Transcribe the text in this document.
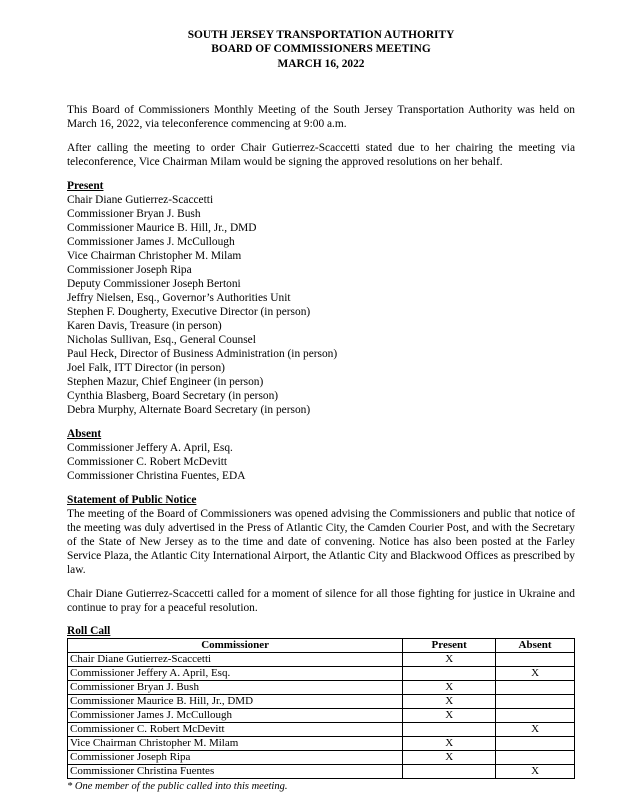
SOUTH JERSEY TRANSPORTATION AUTHORITY
BOARD OF COMMISSIONERS MEETING
MARCH 16, 2022

This Board of Commissioners Monthly Meeting of the South Jersey Transportation Authority was held on March 16, 2022, via teleconference commencing at 9:00 a.m.

After calling the meeting to order Chair Gutierrez-Scaccetti stated due to her chairing the meeting via teleconference, Vice Chairman Milam would be signing the approved resolutions on her behalf.

Present
Chair Diane Gutierrez-Scaccetti
Commissioner Bryan J. Bush
Commissioner Maurice B. Hill, Jr., DMD
Commissioner James J. McCullough
Vice Chairman Christopher M. Milam
Commissioner Joseph Ripa
Deputy Commissioner Joseph Bertoni
Jeffry Nielsen, Esq., Governor’s Authorities Unit
Stephen F. Dougherty, Executive Director (in person)
Karen Davis, Treasure (in person)
Nicholas Sullivan, Esq., General Counsel
Paul Heck, Director of Business Administration (in person)
Joel Falk, ITT Director (in person)
Stephen Mazur, Chief Engineer (in person)
Cynthia Blasberg, Board Secretary (in person)
Debra Murphy, Alternate Board Secretary (in person)
Absent
Commissioner Jeffery A. April, Esq.
Commissioner C. Robert McDevitt
Commissioner Christina Fuentes, EDA
Statement of Public Notice

The meeting of the Board of Commissioners was opened advising the Commissioners and public that notice of the meeting was duly advertised in the Press of Atlantic City, the Camden Courier Post, and with the Secretary of the State of New Jersey as to the time and date of convening. Notice has also been posted at the Farley Service Plaza, the Atlantic City International Airport, the Atlantic City and Blackwood Offices as prescribed by law.

Chair Diane Gutierrez-Scaccetti called for a moment of silence for all those fighting for justice in Ukraine and continue to pray for a peaceful resolution.

Roll Call
Commissioner	Present	Absent
Chair Diane Gutierrez-Scaccetti	X	
Commissioner Jeffery A. April, Esq.		X
Commissioner Bryan J. Bush	X	
Commissioner Maurice B. Hill, Jr., DMD	X	
Commissioner James J. McCullough	X	
Commissioner C. Robert McDevitt		X
Vice Chairman Christopher M. Milam	X	
Commissioner Joseph Ripa	X	
Commissioner Christina Fuentes		X
* One member of the public called into this meeting.
